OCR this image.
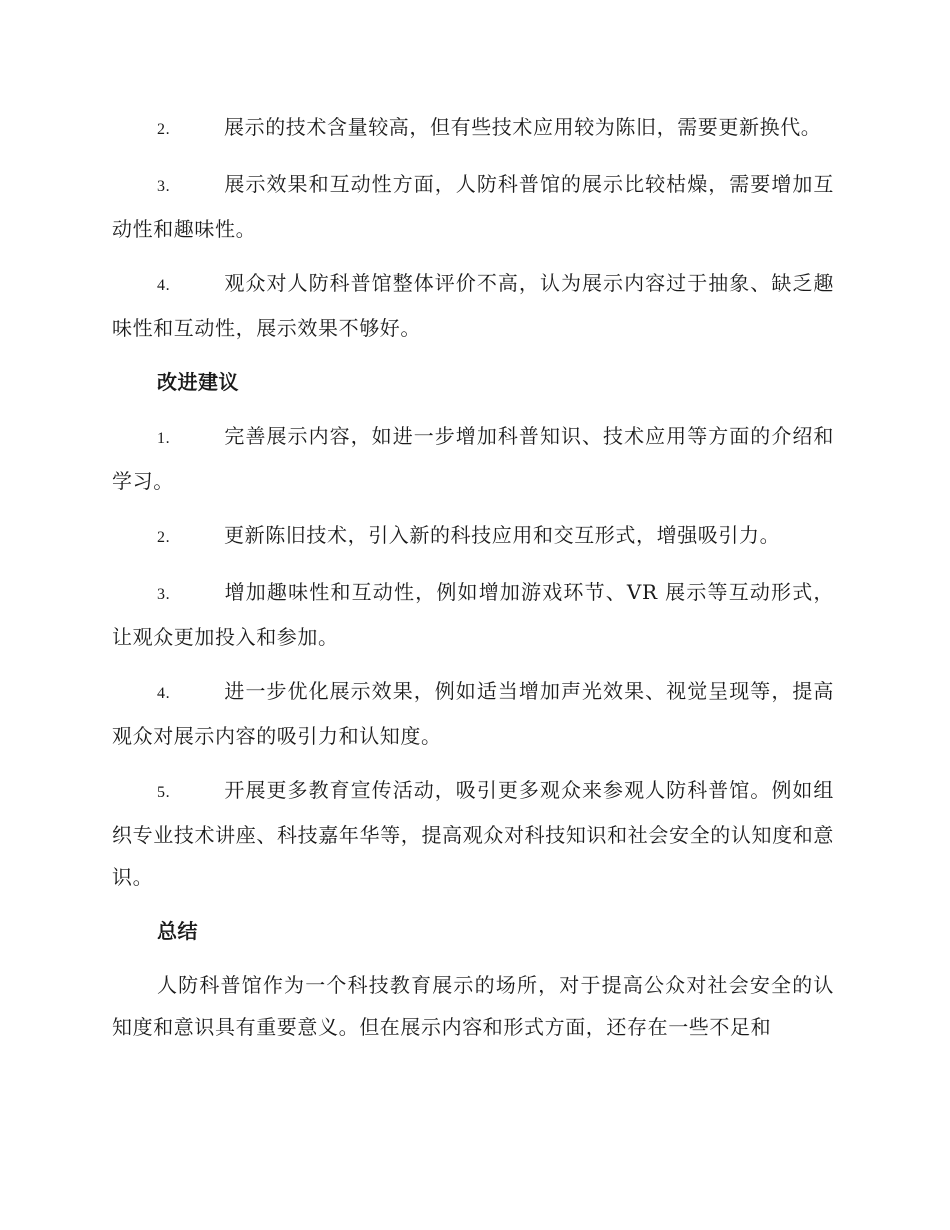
2.	展示的技术含量较高，但有些技术应用较为陈旧，需要更新换代。

3.	展示效果和互动性方面，人防科普馆的展示比较枯燥，需要增加互动性和趣味性。

4.	观众对人防科普馆整体评价不高，认为展示内容过于抽象、缺乏趣味性和互动性，展示效果不够好。

改进建议

1.	完善展示内容，如进一步增加科普知识、技术应用等方面的介绍和学习。

2.	更新陈旧技术，引入新的科技应用和交互形式，增强吸引力。

3.	增加趣味性和互动性，例如增加游戏环节、VR 展示等互动形式，让观众更加投入和参加。

4.	进一步优化展示效果，例如适当增加声光效果、视觉呈现等，提高观众对展示内容的吸引力和认知度。

5.	开展更多教育宣传活动，吸引更多观众来参观人防科普馆。例如组织专业技术讲座、科技嘉年华等，提高观众对科技知识和社会安全的认知度和意识。

总结

人防科普馆作为一个科技教育展示的场所，对于提高公众对社会安全的认知度和意识具有重要意义。但在展示内容和形式方面，还存在一些不足和
